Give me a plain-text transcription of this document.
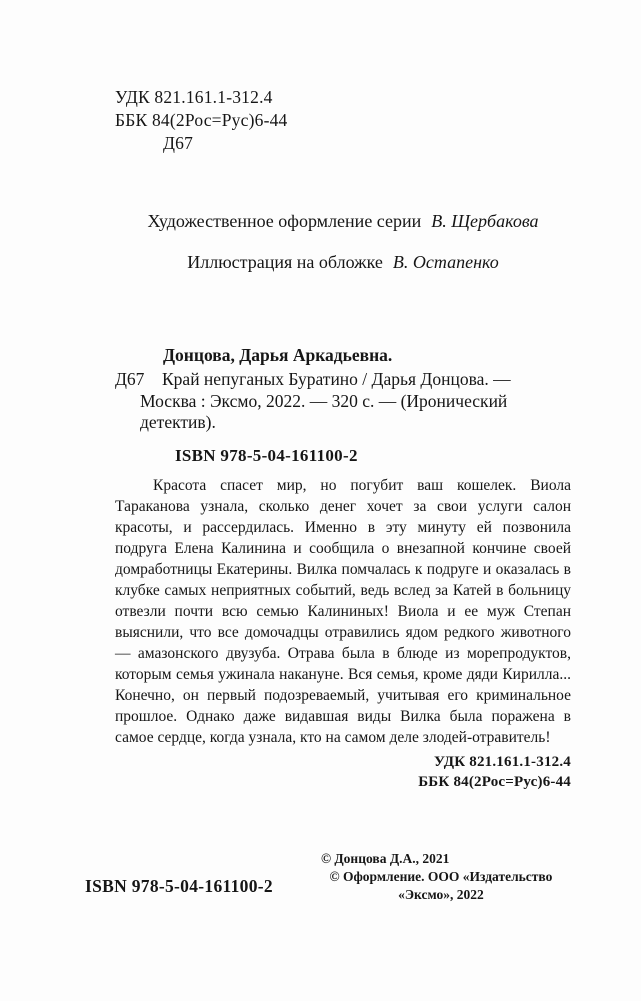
УДК 821.161.1-312.4
ББК 84(2Рос=Рус)6-44
Д67
Художественное оформление серии В. Щербакова
Иллюстрация на обложке В. Остапенко
Донцова, Дарья Аркадьевна.
Д67	Край непуганых Буратино / Дарья Донцова. — Москва : Эксмо, 2022. — 320 с. — (Иронический детектив).

ISBN 978-5-04-161100-2

Красота спасет мир, но погубит ваш кошелек. Виола Тараканова узнала, сколько денег хочет за свои услуги салон красоты, и рассердилась. Именно в эту минуту ей позвонила подруга Елена Калинина и сообщила о внезапной кончине своей домработницы Екатерины. Вилка помчалась к подруге и оказалась в клубке самых неприятных событий, ведь вслед за Катей в больницу отвезли почти всю семью Калининых! Виола и ее муж Степан выяснили, что все домочадцы отравились ядом редкого животного — амазонского двузуба. Отрава была в блюде из морепродуктов, которым семья ужинала накануне. Вся семья, кроме дяди Кирилла... Конечно, он первый подозреваемый, учитывая его криминальное прошлое. Однако даже видавшая виды Вилка была поражена в самое сердце, когда узнала, кто на самом деле злодей-отравитель!

УДК 821.161.1-312.4
ББК 84(2Рос=Рус)6-44
ISBN 978-5-04-161100-2
© Донцова Д.А., 2021
© Оформление. ООО «Издательство «Эксмо», 2022
